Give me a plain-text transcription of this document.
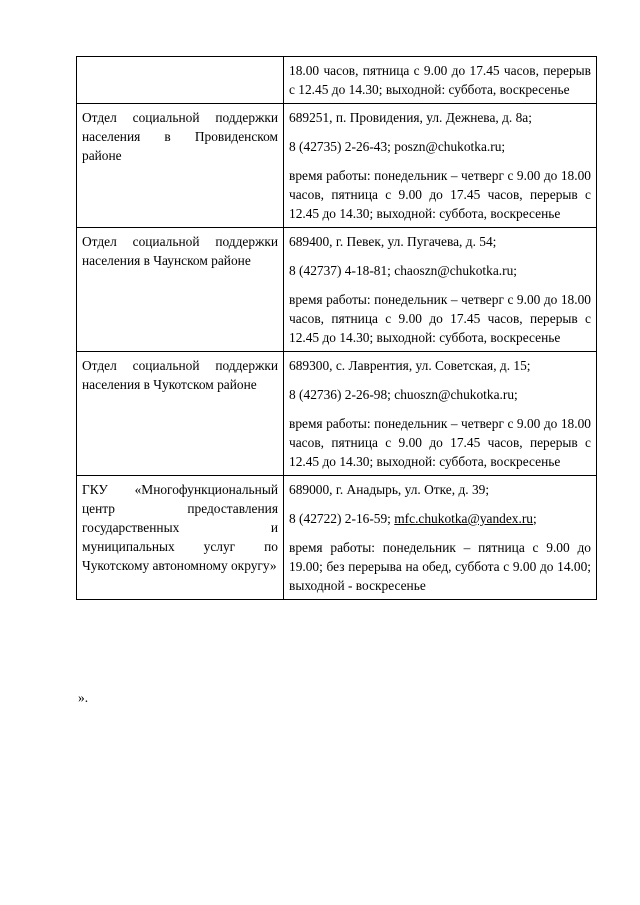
	18.00 часов, пятница с 9.00 до 17.45 часов, перерыв с 12.45 до 14.30; выходной: суббота, воскресенье

Отдел социальной поддержки населения в Провиденском районе	689251, п. Провидения, ул. Дежнева, д. 8а;

8 (42735) 2-26-43; poszn@chukotka.ru;

время работы: понедельник – четверг с 9.00 до 18.00 часов, пятница с 9.00 до 17.45 часов, перерыв с 12.45 до 14.30; выходной: суббота, воскресенье

Отдел социальной поддержки населения в Чаунском районе	689400, г. Певек, ул. Пугачева, д. 54;

8 (42737) 4-18-81; chaoszn@chukotka.ru;

время работы: понедельник – четверг с 9.00 до 18.00 часов, пятница с 9.00 до 17.45 часов, перерыв с 12.45 до 14.30; выходной: суббота, воскресенье

Отдел социальной поддержки населения в Чукотском районе	689300, с. Лаврентия, ул. Советская, д. 15;

8 (42736) 2-26-98; chuoszn@chukotka.ru;

время работы: понедельник – четверг с 9.00 до 18.00 часов, пятница с 9.00 до 17.45 часов, перерыв с 12.45 до 14.30; выходной: суббота, воскресенье

ГКУ «Многофункциональный центр предоставления государственных и муниципальных услуг по Чукотскому автономному округу»	689000, г. Анадырь, ул. Отке, д. 39;

8 (42722) 2-16-59; mfc.chukotka@yandex.ru;

время работы: понедельник – пятница с 9.00 до 19.00; без перерыва на обед, суббота с 9.00 до 14.00; выходной - воскресенье

».
